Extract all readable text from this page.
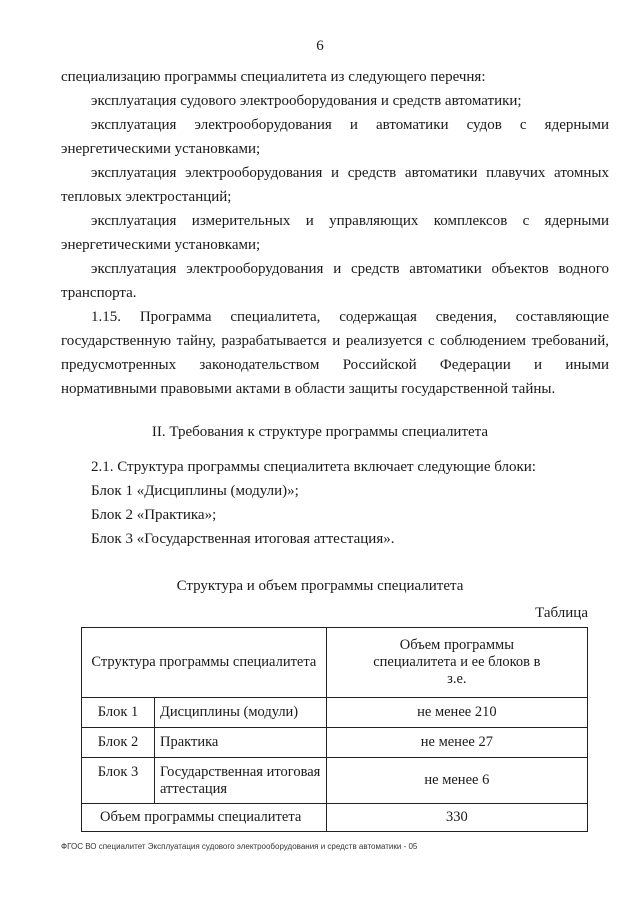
6

специализацию программы специалитета из следующего перечня:

эксплуатация судового электрооборудования и средств автоматики;

эксплуатация электрооборудования и автоматики судов с ядерными энергетическими установками;

эксплуатация электрооборудования и средств автоматики плавучих атомных тепловых электростанций;

эксплуатация измерительных и управляющих комплексов с ядерными энергетическими установками;

эксплуатация электрооборудования и средств автоматики объектов водного транспорта.

1.15. Программа специалитета, содержащая сведения, составляющие государственную тайну, разрабатывается и реализуется с соблюдением требований, предусмотренных законодательством Российской Федерации и иными нормативными правовыми актами в области защиты государственной тайны.

II. Требования к структуре программы специалитета

2.1. Структура программы специалитета включает следующие блоки:

Блок 1 «Дисциплины (модули)»;

Блок 2 «Практика»;

Блок 3 «Государственная итоговая аттестация».

Структура и объем программы специалитета
Таблица
Структура программы специалитета		Объем программы специалитета и ее блоков в з.е.
Блок 1	Дисциплины (модули)	не менее 210
Блок 2	Практика	не менее 27
Блок 3	Государственная итоговая аттестация	не менее 6
Объем программы специалитета		330
ФГОС ВО специалитет Эксплуатация судового электрооборудования и средств автоматики - 05
